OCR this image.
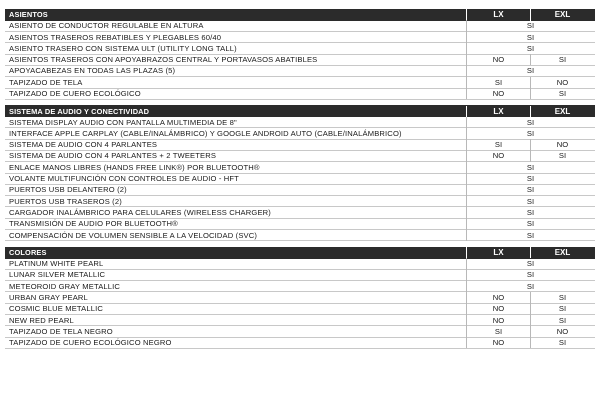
ASIENTOS	LX	EXL
ASIENTO DE CONDUCTOR REGULABLE EN ALTURA	SI
ASIENTOS TRASEROS REBATIBLES Y PLEGABLES 60/40	SI
ASIENTO TRASERO CON SISTEMA ULT (UTILITY LONG TALL)	SI
ASIENTOS TRASEROS CON APOYABRAZOS CENTRAL Y PORTAVASOS ABATIBLES	NO	SI
APOYACABEZAS EN TODAS LAS PLAZAS (5)	SI
TAPIZADO DE TELA	SI	NO
TAPIZADO DE CUERO ECOLÓGICO	NO	SI
SISTEMA DE AUDIO Y CONECTIVIDAD	LX	EXL
SISTEMA DISPLAY AUDIO CON PANTALLA MULTIMEDIA DE 8"	SI
INTERFACE APPLE CARPLAY (CABLE/INALÁMBRICO) Y GOOGLE ANDROID AUTO (CABLE/INALÁMBRICO)	SI
SISTEMA DE AUDIO CON 4 PARLANTES	SI	NO
SISTEMA DE AUDIO CON 4 PARLANTES + 2 TWEETERS	NO	SI
ENLACE MANOS LIBRES (HANDS FREE LINK®) POR BLUETOOTH®	SI
VOLANTE MULTIFUNCIÓN CON CONTROLES DE AUDIO - HFT	SI
PUERTOS USB DELANTERO (2)	SI
PUERTOS USB TRASEROS (2)	SI
CARGADOR INALÁMBRICO PARA CELULARES (WIRELESS CHARGER)	SI
TRANSMISIÓN DE AUDIO POR BLUETOOTH®	SI
COMPENSACIÓN DE VOLUMEN SENSIBLE A LA VELOCIDAD (SVC)	SI
COLORES	LX	EXL
PLATINUM WHITE PEARL	SI
LUNAR SILVER METALLIC	SI
METEOROID GRAY METALLIC	SI
URBAN GRAY PEARL	NO	SI
COSMIC BLUE METALLIC	NO	SI
NEW RED PEARL	NO	SI
TAPIZADO DE TELA NEGRO	SI	NO
TAPIZADO DE CUERO ECOLÓGICO NEGRO	NO	SI
